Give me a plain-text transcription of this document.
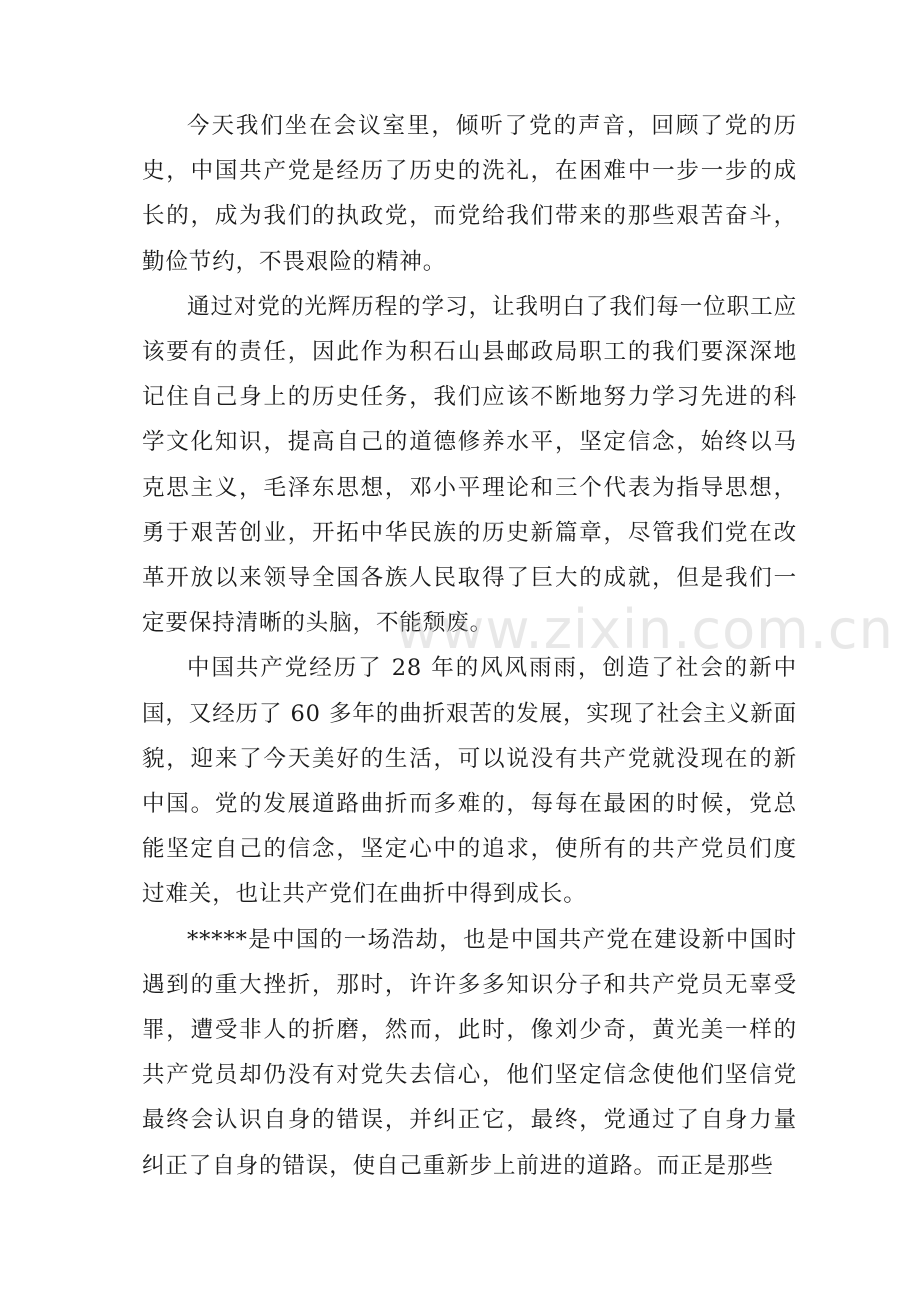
今天我们坐在会议室里，倾听了党的声音，回顾了党的历史，中国共产党是经历了历史的洗礼，在困难中一步一步的成长的，成为我们的执政党，而党给我们带来的那些艰苦奋斗，勤俭节约，不畏艰险的精神。

通过对党的光辉历程的学习，让我明白了我们每一位职工应该要有的责任，因此作为积石山县邮政局职工的我们要深深地记住自己身上的历史任务，我们应该不断地努力学习先进的科学文化知识，提高自己的道德修养水平，坚定信念，始终以马克思主义，毛泽东思想，邓小平理论和三个代表为指导思想，勇于艰苦创业，开拓中华民族的历史新篇章，尽管我们党在改革开放以来领导全国各族人民取得了巨大的成就，但是我们一定要保持清晰的头脑，不能颓废。

中国共产党经历了 28 年的风风雨雨，创造了社会的新中国，又经历了 60 多年的曲折艰苦的发展，实现了社会主义新面貌，迎来了今天美好的生活，可以说没有共产党就没现在的新中国。党的发展道路曲折而多难的，每每在最困的时候，党总能坚定自己的信念，坚定心中的追求，使所有的共产党员们度过难关，也让共产党们在曲折中得到成长。

*****是中国的一场浩劫，也是中国共产党在建设新中国时遇到的重大挫折，那时，许许多多知识分子和共产党员无辜受罪，遭受非人的折磨，然而，此时，像刘少奇，黄光美一样的共产党员却仍没有对党失去信心，他们坚定信念使他们坚信党最终会认识自身的错误，并纠正它，最终，党通过了自身力量纠正了自身的错误，使自己重新步上前进的道路。而正是那些

www.zixin.com.cn
